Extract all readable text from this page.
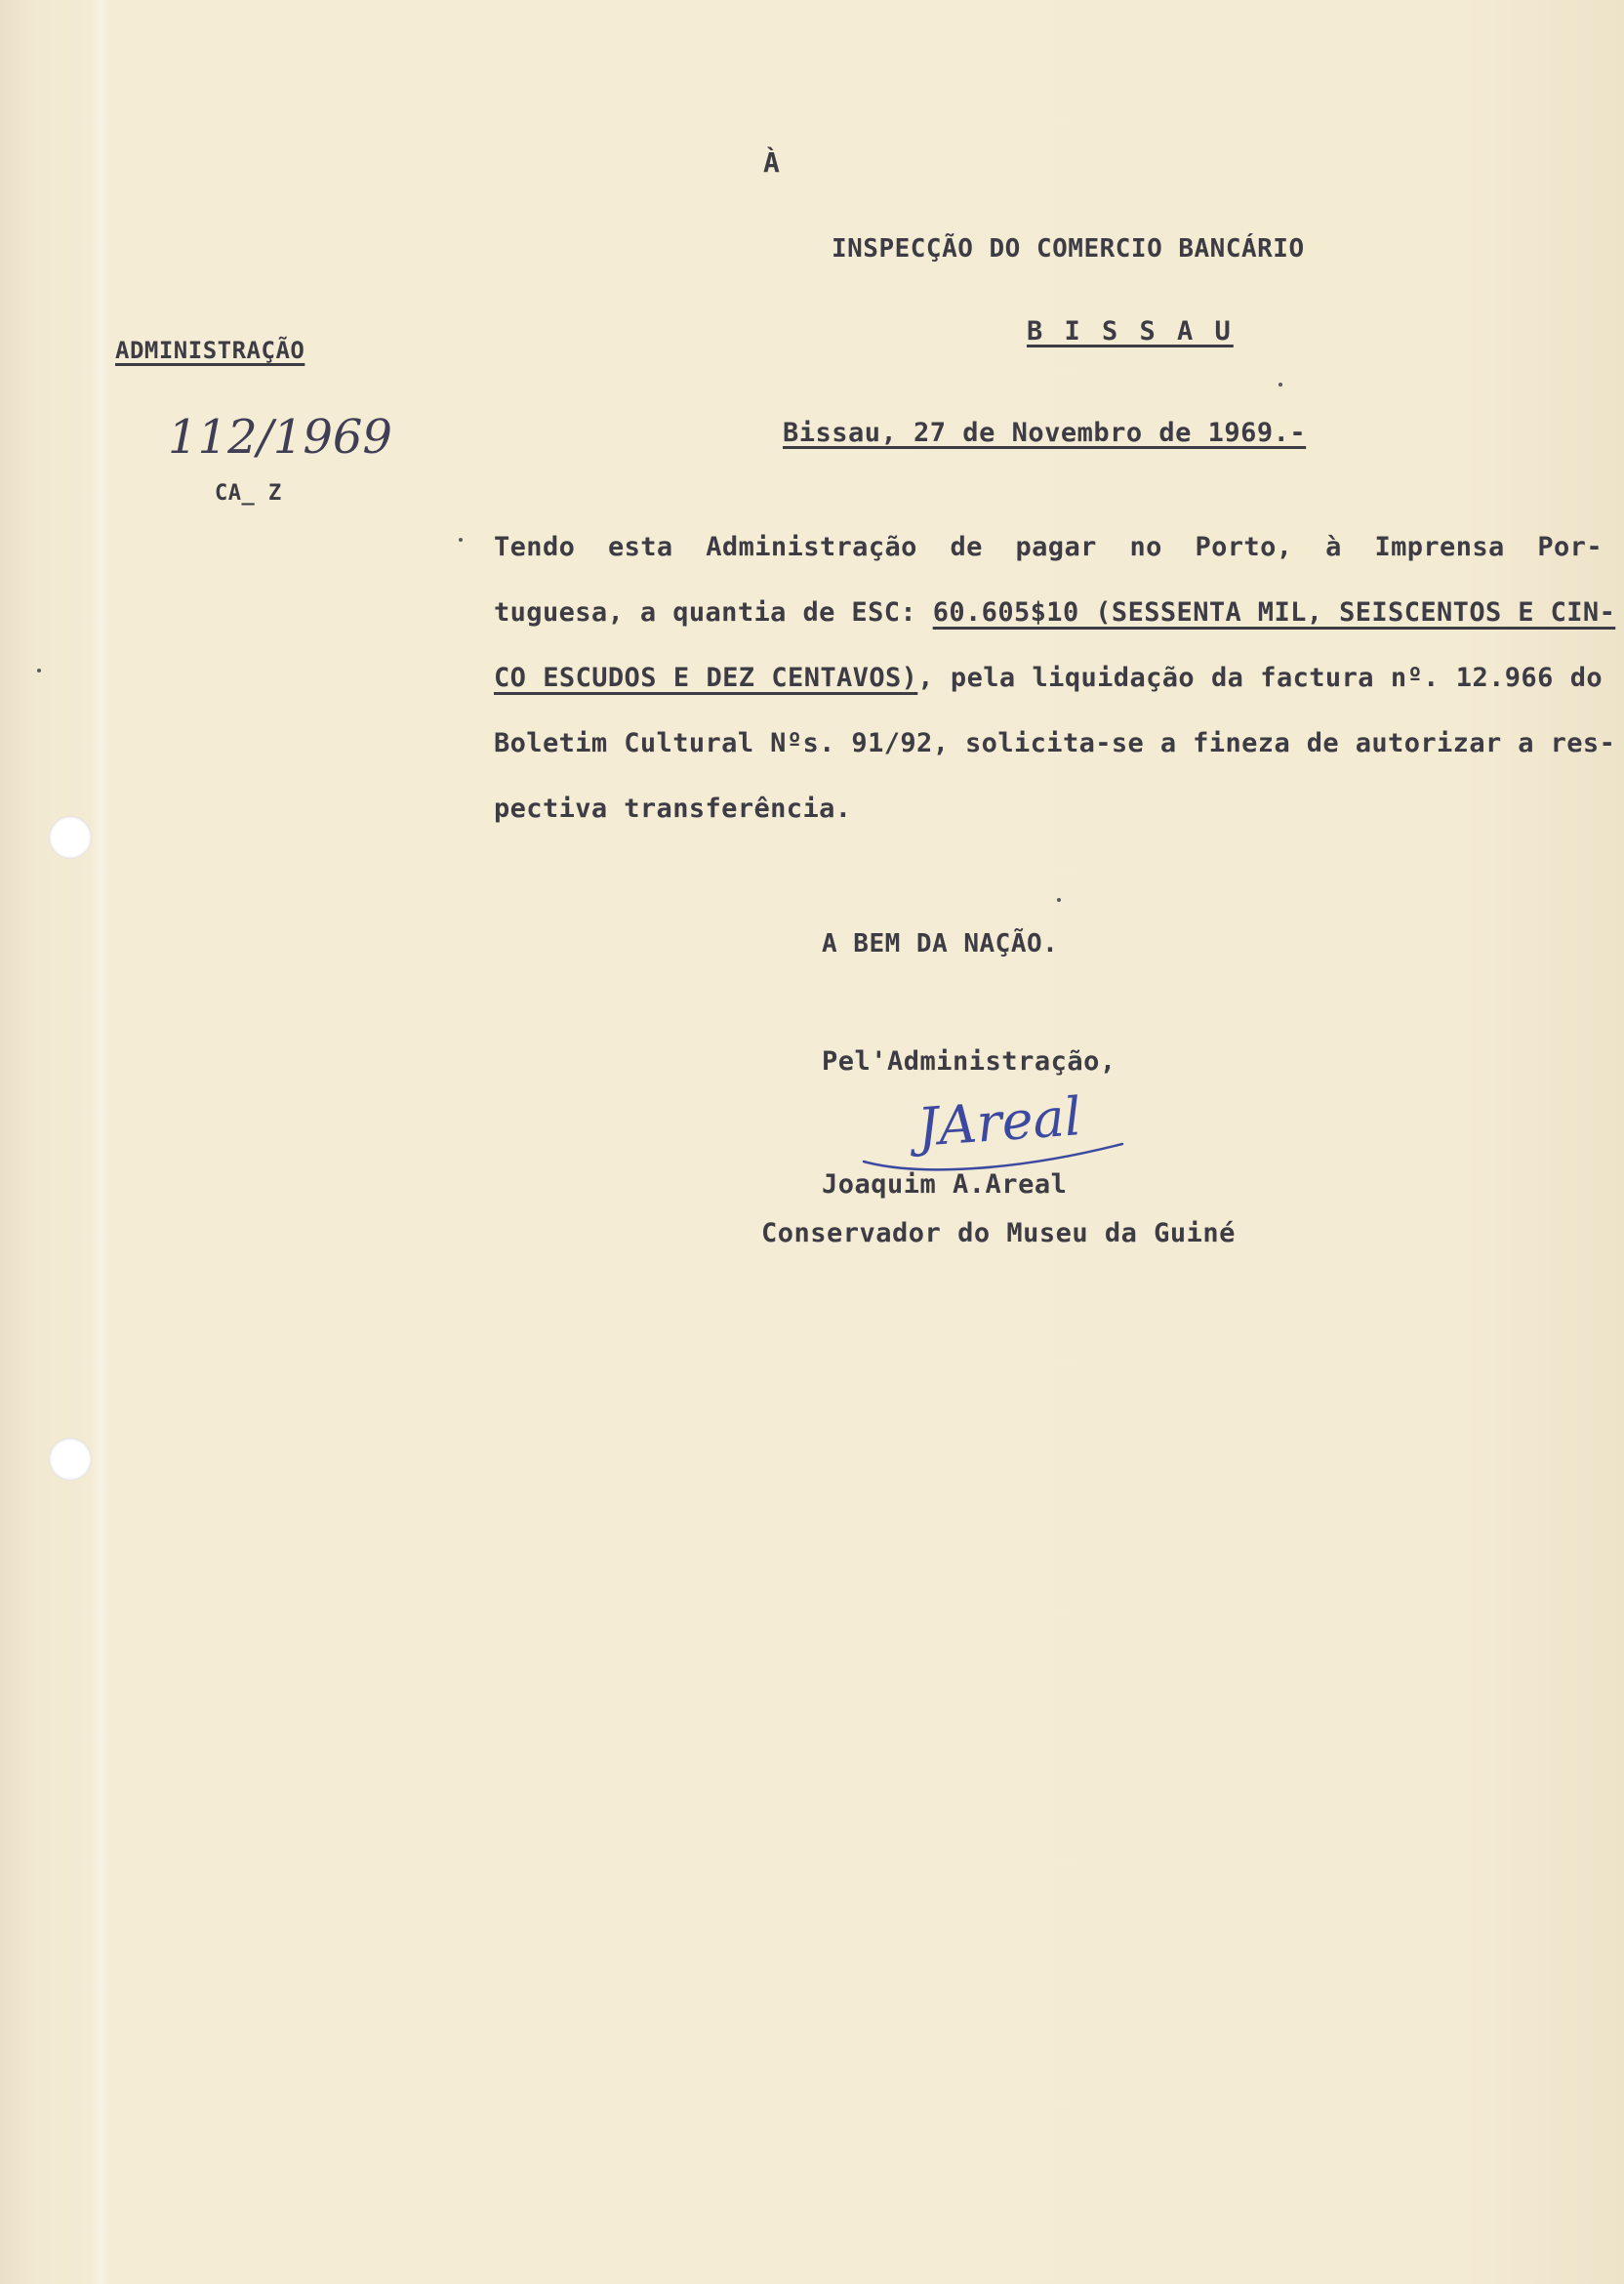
À
INSPECÇÃO DO COMERCIO BANCÁRIO
B I S S A U
ADMINISTRAÇÃO
112/1969
CA_ Z
Bissau, 27 de Novembro de 1969.-
Tendo esta Administração de pagar no Porto, à Imprensa Por-
tuguesa, a quantia de ESC: 60.605$10 (SESSENTA MIL, SEISCENTOS E CIN-
CO ESCUDOS E DEZ CENTAVOS), pela liquidação da factura nº. 12.966 do
Boletim Cultural Nºs. 91/92, solicita-se a fineza de autorizar a res-
pectiva transferência.
A BEM DA NAÇÃO.
Pel'Administração,
JAreal
Joaquim A.Areal
Conservador do Museu da Guiné
